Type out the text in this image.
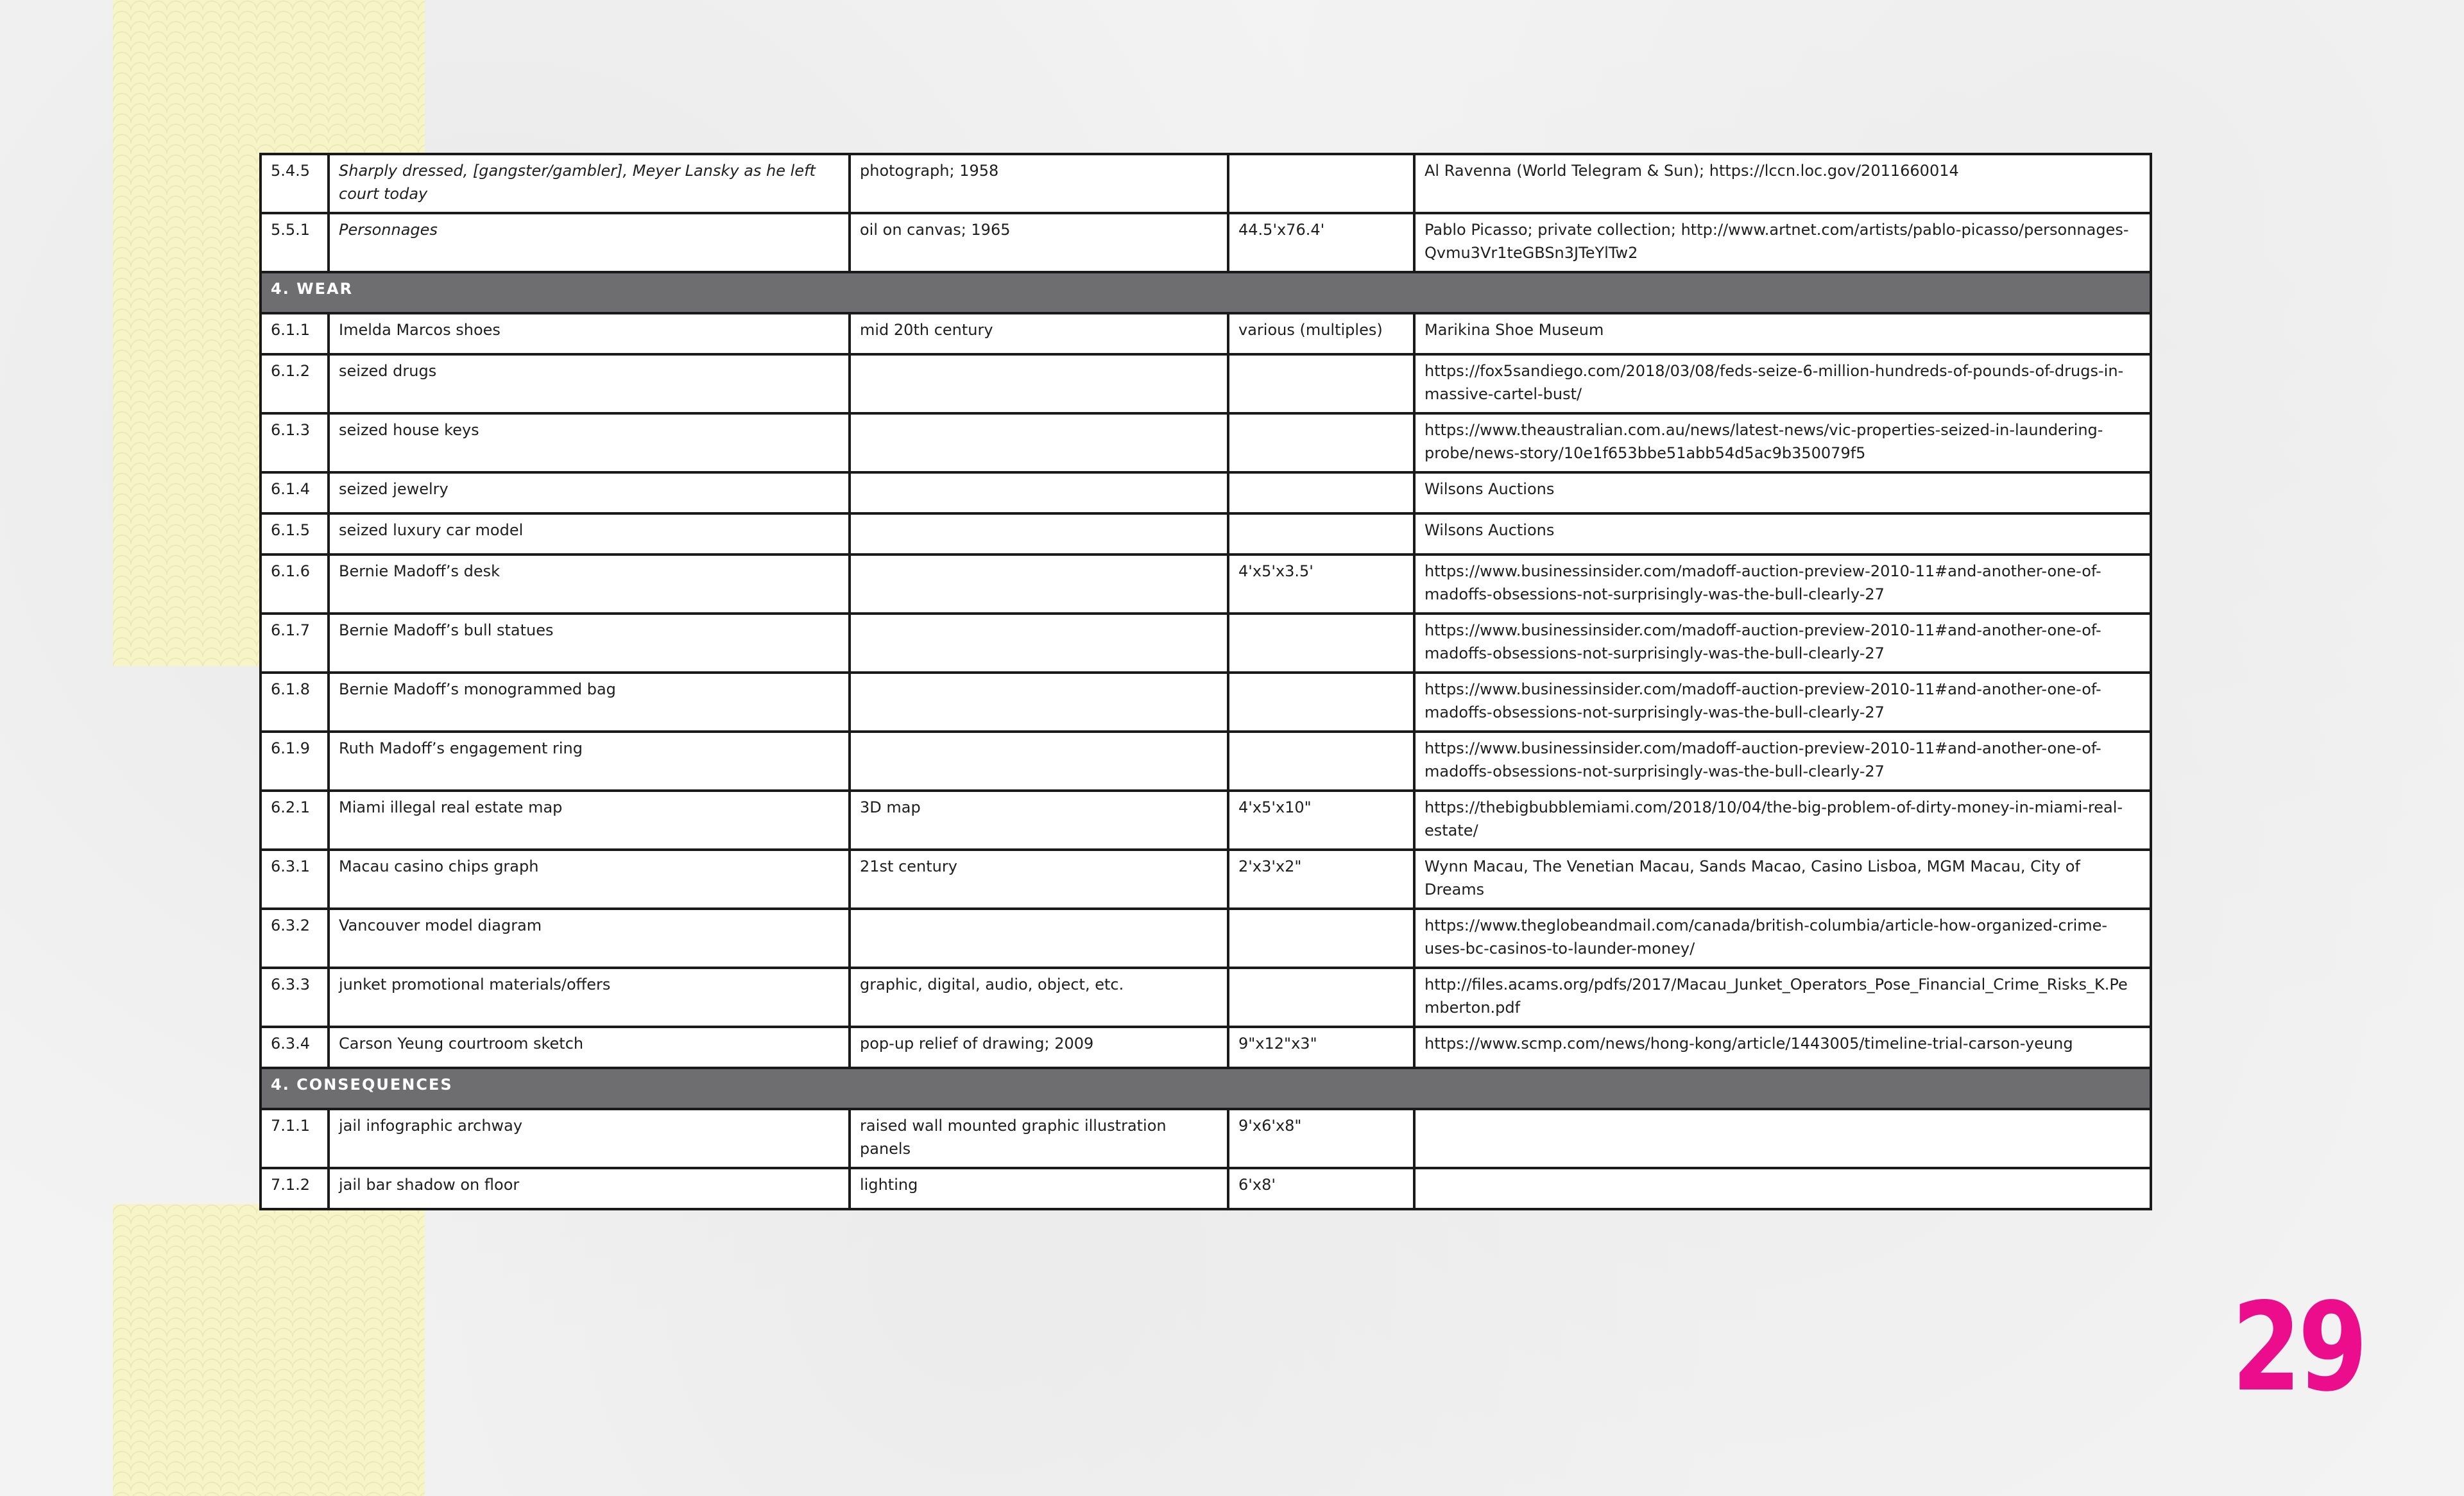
5.4.5	Sharply dressed, [gangster/gambler], Meyer Lansky as he left court today	photograph; 1958		Al Ravenna (World Telegram & Sun); https://lccn.loc.gov/2011660014
5.5.1	Personnages	oil on canvas; 1965	44.5'x76.4'	Pablo Picasso; private collection; http://www.artnet.com/artists/pablo-picasso/personnages-Qvmu3Vr1teGBSn3JTeYlTw2
4. WEAR				
6.1.1	Imelda Marcos shoes	mid 20th century	various (multiples)	Marikina Shoe Museum
6.1.2	seized drugs			https://fox5sandiego.com/2018/03/08/feds-seize-6-million-hundreds-of-pounds-of-drugs-in-massive-cartel-bust/
6.1.3	seized house keys			https://www.theaustralian.com.au/news/latest-news/vic-properties-seized-in-laundering-probe/news-story/10e1f653bbe51abb54d5ac9b350079f5
6.1.4	seized jewelry			Wilsons Auctions
6.1.5	seized luxury car model			Wilsons Auctions
6.1.6	Bernie Madoff’s desk		4'x5'x3.5'	https://www.businessinsider.com/madoff-auction-preview-2010-11#and-another-one-of-madoffs-obsessions-not-surprisingly-was-the-bull-clearly-27
6.1.7	Bernie Madoff’s bull statues			https://www.businessinsider.com/madoff-auction-preview-2010-11#and-another-one-of-madoffs-obsessions-not-surprisingly-was-the-bull-clearly-27
6.1.8	Bernie Madoff’s monogrammed bag			https://www.businessinsider.com/madoff-auction-preview-2010-11#and-another-one-of-madoffs-obsessions-not-surprisingly-was-the-bull-clearly-27
6.1.9	Ruth Madoff’s engagement ring			https://www.businessinsider.com/madoff-auction-preview-2010-11#and-another-one-of-madoffs-obsessions-not-surprisingly-was-the-bull-clearly-27
6.2.1	Miami illegal real estate map	3D map	4'x5'x10"	https://thebigbubblemiami.com/2018/10/04/the-big-problem-of-dirty-money-in-miami-real-estate/
6.3.1	Macau casino chips graph	21st century	2'x3'x2"	Wynn Macau, The Venetian Macau, Sands Macao, Casino Lisboa, MGM Macau, City of Dreams
6.3.2	Vancouver model diagram			https://www.theglobeandmail.com/canada/british-columbia/article-how-organized-crime-uses-bc-casinos-to-launder-money/
6.3.3	junket promotional materials/offers	graphic, digital, audio, object, etc.		http://files.acams.org/pdfs/2017/Macau_Junket_Operators_Pose_Financial_Crime_Risks_K.Pemberton.pdf
6.3.4	Carson Yeung courtroom sketch	pop-up relief of drawing; 2009	9"x12"x3"	https://www.scmp.com/news/hong-kong/article/1443005/timeline-trial-carson-yeung
4. CONSEQUENCES				
7.1.1	jail infographic archway	raised wall mounted graphic illustration panels	9'x6'x8"	
7.1.2	jail bar shadow on floor	lighting	6'x8'	
29
